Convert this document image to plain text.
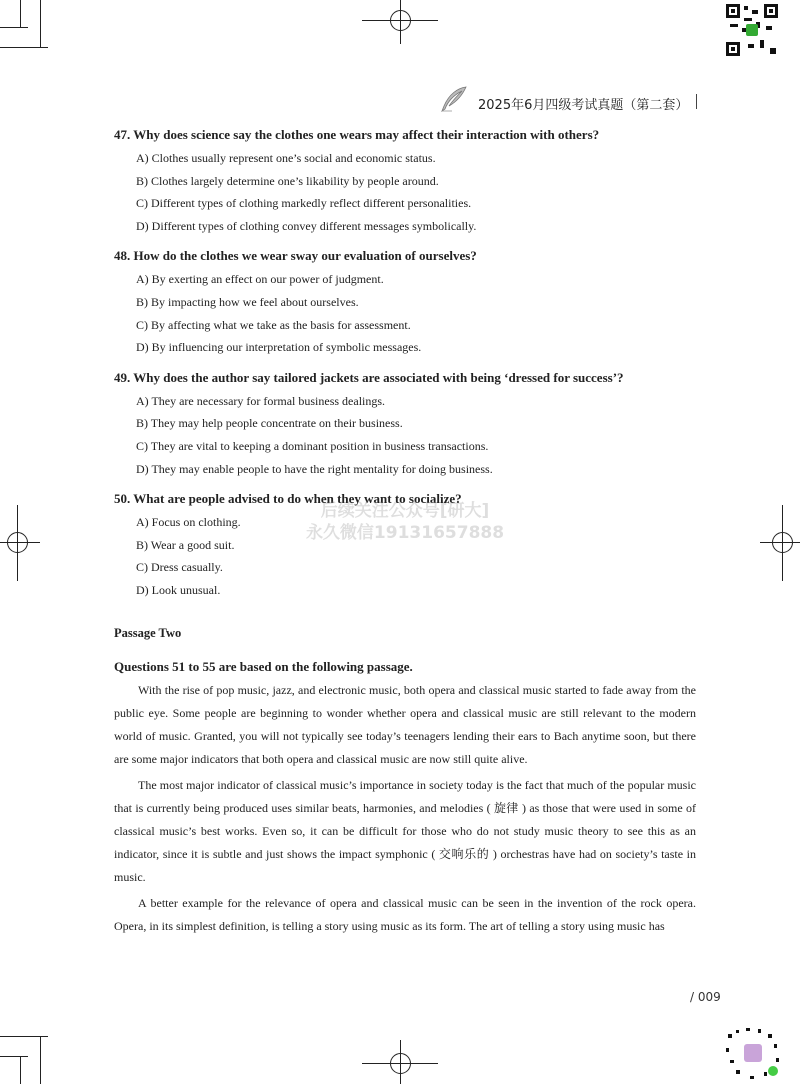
2025年6月四级考试真题（第二套）

47. Why does science say the clothes one wears may affect their interaction with others?

A) Clothes usually represent one’s social and economic status.
B) Clothes largely determine one’s likability by people around.
C) Different types of clothing markedly reflect different personalities.
D) Different types of clothing convey different messages symbolically.

48. How do the clothes we wear sway our evaluation of ourselves?

A) By exerting an effect on our power of judgment.
B) By impacting how we feel about ourselves.
C) By affecting what we take as the basis for assessment.
D) By influencing our interpretation of symbolic messages.

49. Why does the author say tailored jackets are associated with being ‘dressed for success’?

A) They are necessary for formal business dealings.
B) They may help people concentrate on their business.
C) They are vital to keeping a dominant position in business transactions.
D) They may enable people to have the right mentality for doing business.

50. What are people advised to do when they want to socialize?

A) Focus on clothing.
B) Wear a good suit.
C) Dress casually.
D) Look unusual.
Passage Two
Questions 51 to 55 are based on the following passage.

With the rise of pop music, jazz, and electronic music, both opera and classical music started to fade away from the public eye. Some people are beginning to wonder whether opera and classical music are still relevant to the modern world of music. Granted, you will not typically see today’s teenagers lending their ears to Bach anytime soon, but there are some major indicators that both opera and classical music are now still quite alive.

The most major indicator of classical music’s importance in society today is the fact that much of the popular music that is currently being produced uses similar beats, harmonies, and melodies ( 旋律 ) as those that were used in some of classical music’s best works. Even so, it can be difficult for those who do not study music theory to see this as an indicator, since it is subtle and just shows the impact symphonic ( 交响乐的 ) orchestras have had on society’s taste in music.

A better example for the relevance of opera and classical music can be seen in the invention of the rock opera. Opera, in its simplest definition, is telling a story using music as its form. The art of telling a story using music has

后续关注公众号[研大]
永久微信19131657888
/ 009
